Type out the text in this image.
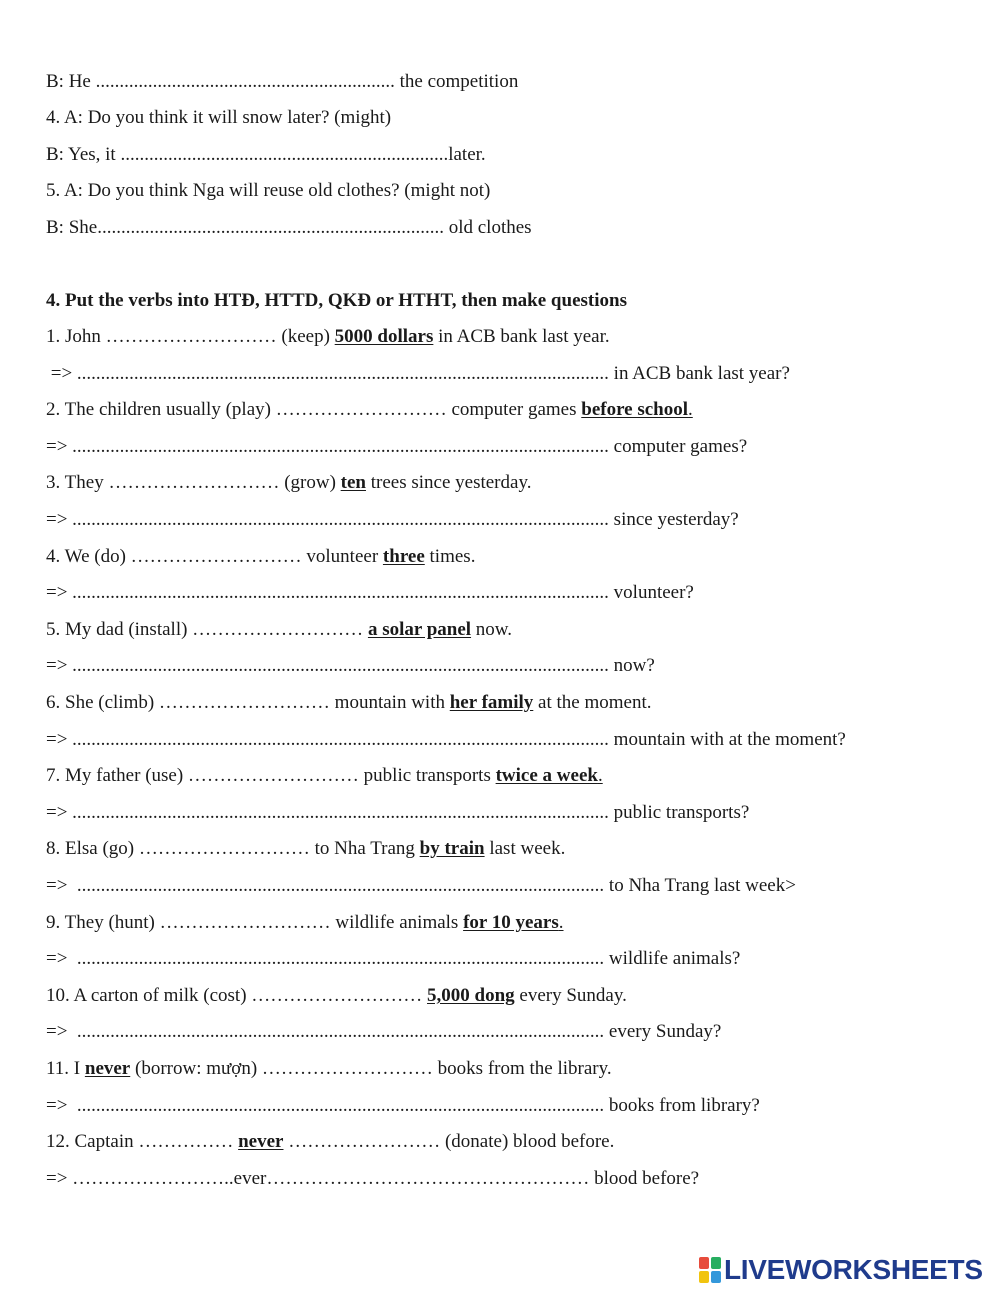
B: He ............................................................... the competition
4. A: Do you think it will snow later? (might)
B: Yes, it .....................................................................later.
5. A: Do you think Nga will reuse old clothes? (might not)
B: She......................................................................... old clothes
4. Put the verbs into HTĐ, HTTD, QKĐ or HTHT, then make questions
1. John ……………………… (keep) 5000 dollars in ACB bank last year.
=> ................................................................................................................ in ACB bank last year?
2. The children usually (play) ……………………… computer games before school.
=> ................................................................................................................. computer games?
3. They ……………………… (grow) ten trees since yesterday.
=> ................................................................................................................. since yesterday?
4. We (do) ……………………… volunteer three times.
=> ................................................................................................................. volunteer?
5. My dad (install) ……………………… a solar panel now.
=> ................................................................................................................. now?
6. She (climb) ……………………… mountain with her family at the moment.
=> ................................................................................................................. mountain with at the moment?
7. My father (use) ……………………… public transports twice a week.
=> ................................................................................................................. public transports?
8. Elsa (go) ……………………… to Nha Trang by train last week.
=>  ............................................................................................................... to Nha Trang last week>
9. They (hunt) ……………………… wildlife animals for 10 years.
=>  ............................................................................................................... wildlife animals?
10. A carton of milk (cost) ……………………… 5,000 dong every Sunday.
=>  ............................................................................................................... every Sunday?
11. I never (borrow: mượn) ……………………… books from the library.
=>  ............................................................................................................... books from library?
12. Captain …………… never …………………… (donate) blood before.
=> ……………………..ever…………………………………………… blood before?
LIVEWORKSHEETS
